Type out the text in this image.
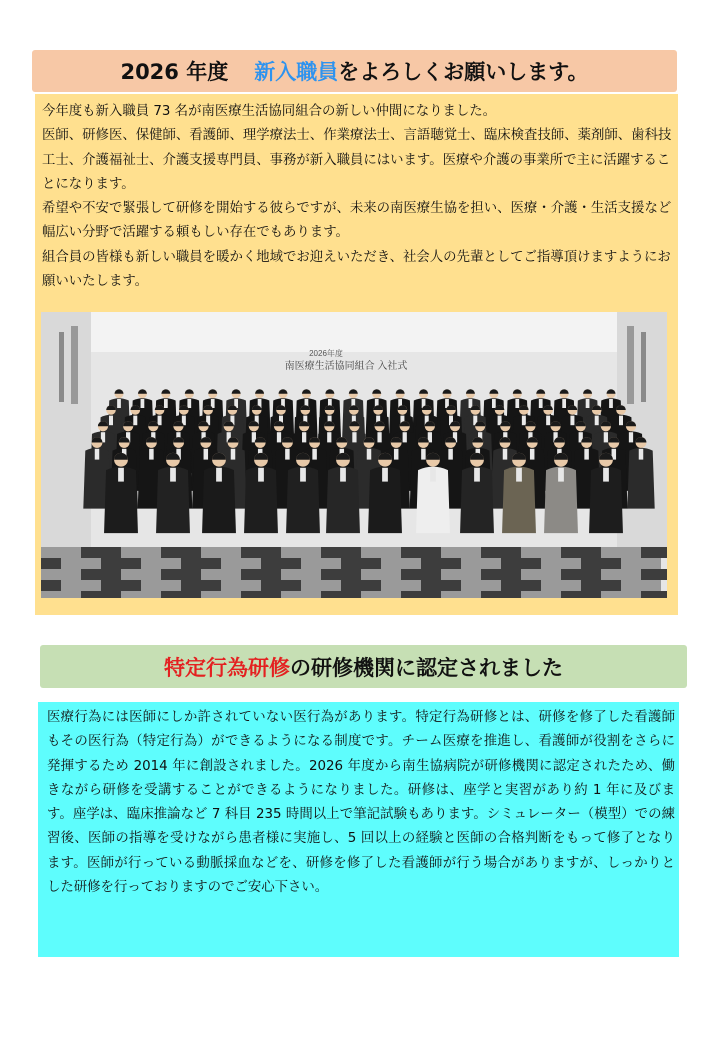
2026 年度 新入職員 をよろしくお願いします。

今年度も新入職員 73 名が南医療生活協同組合の新しい仲間になりました。

医師、研修医、保健師、看護師、理学療法士、作業療法士、言語聴覚士、臨床検査技師、薬剤師、歯科技工士、介護福祉士、介護支援専門員、事務が新入職員にはいます。医療や介護の事業所で主に活躍することになります。

希望や不安で緊張して研修を開始する彼らですが、未来の南医療生協を担い、医療・介護・生活支援など幅広い分野で活躍する頼もしい存在でもあります。

組合員の皆様も新しい職員を暖かく地域でお迎えいただき、社会人の先輩としてご指導頂けますようにお願いいたします。

2026年度
南医療生活協同組合 入社式
特定行為研修 の研修機関に認定されました

医療行為には医師にしか許されていない医行為があります。特定行為研修とは、研修を修了した看護師もその医行為（特定行為）ができるようになる制度です。チーム医療を推進し、看護師が役割をさらに発揮するため 2014 年に創設されました。2026 年度から南生協病院が研修機関に認定されたため、働きながら研修を受講することができるようになりました。研修は、座学と実習があり約 1 年に及びます。座学は、臨床推論など 7 科目 235 時間以上で筆記試験もあります。シミュレーター（模型）での練習後、医師の指導を受けながら患者様に実施し、5 回以上の経験と医師の合格判断をもって修了となります。医師が行っている動脈採血などを、研修を修了した看護師が行う場合がありますが、しっかりとした研修を行っておりますのでご安心下さい。
